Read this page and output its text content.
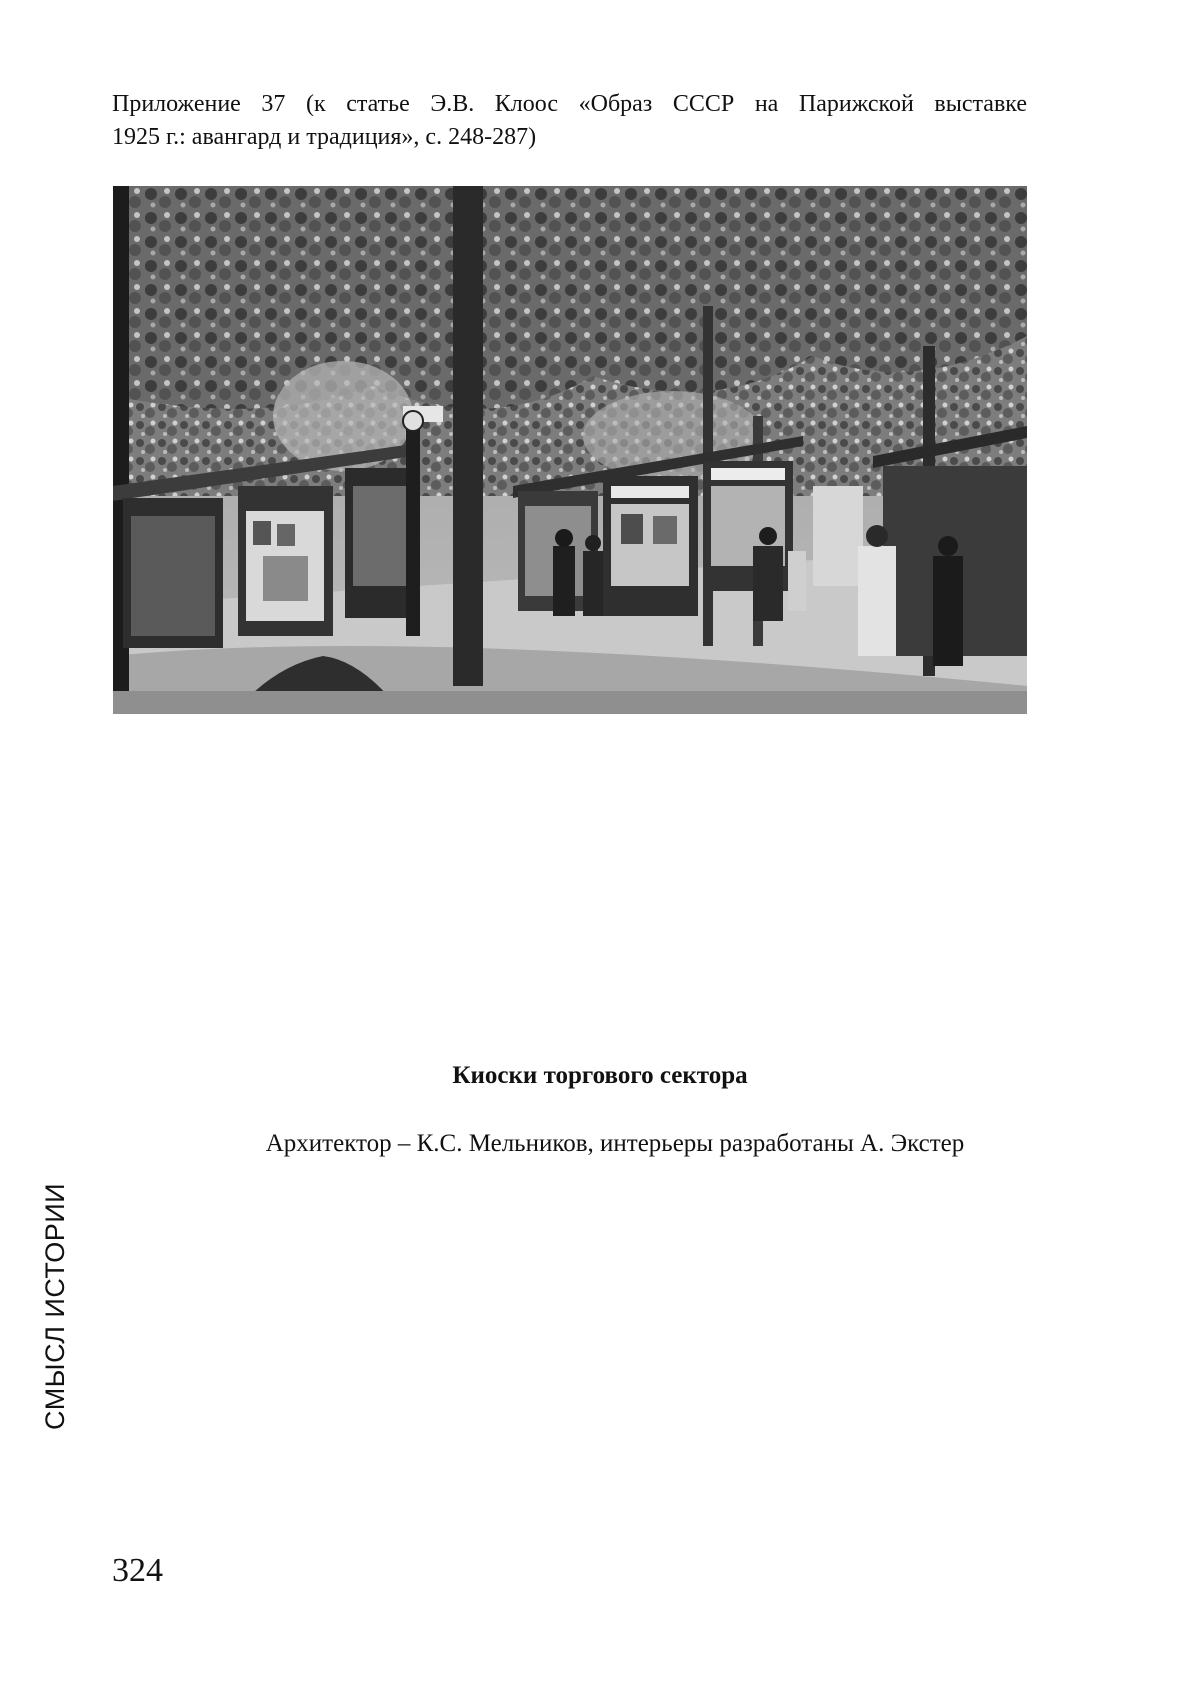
Приложение 37 (к статье Э.В. Клоос «Образ СССР на Парижской выставке
1925 г.: авангард и традиция», с. 248-287)
Киоски торгового сектора
Архитектор – К.С. Мельников, интерьеры разработаны А. Экстер
СМЫСЛ ИСТОРИИ
324
